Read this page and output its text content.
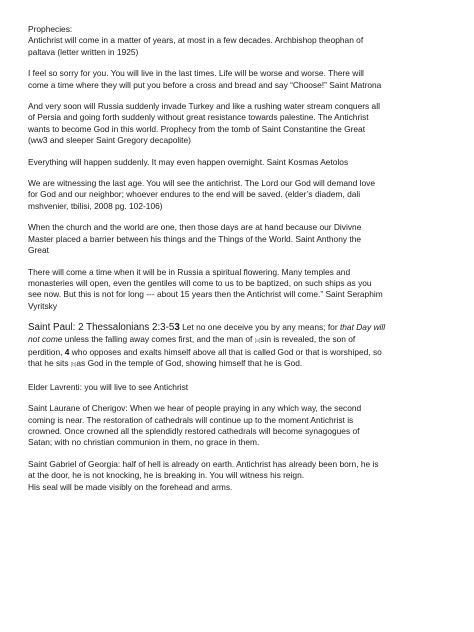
Prophecies:
Antichrist will come in a matter of years, at most in a few decades. Archbishop theophan of
paltava (letter written in 1925)

I feel so sorry for you. You will live in the last times. Life will be worse and worse. There will
come a time where they will put you before a cross and bread and say “Choose!” Saint Matrona

And very soon will Russia suddenly invade Turkey and like a rushing water stream conquers all
of Persia and going forth suddenly without great resistance towards palestine. The Antichrist
wants to become God in this world. Prophecy from the tomb of Saint Constantine the Great
(ww3 and sleeper Saint Gregory decapolite)

Everything will happen suddenly. It may even happen overnight. Saint Kosmas Aetolos

We are witnessing the last age. You will see the antichrist. The Lord our God will demand love
for God and our neighbor; whoever endures to the end will be saved. (elder’s diadem, dali
mshvenier, tbilisi, 2008 pg. 102-106)

When the church and the world are one, then those days are at hand because our Divivne
Master placed a barrier between his things and the Things of the World. Saint Anthony the
Great

There will come a time when it will be in Russia a spiritual flowering. Many temples and
monasteries will open, even the gentiles will come to us to be baptized, on such ships as you
see now. But this is not for long --- about 15 years then the Antichrist will come.” Saint Seraphim
Vyritsky

Saint Paul: 2 Thessalonians 2:3-53 Let no one deceive you by any means; for that Day will
not come unless the falling away comes first, and the man of [a]sin is revealed, the son of
perdition, 4 who opposes and exalts himself above all that is called God or that is worshiped, so
that he sits [b]as God in the temple of God, showing himself that he is God.

Elder Lavrenti: you will live to see Antichrist

Saint Laurane of Cherigov: When we hear of people praying in any which way, the second
coming is near. The restoration of cathedrals will continue up to the moment Antichrist is
crowned. Once crowned all the splendidly restored cathedrals will become synagogues of
Satan; with no christian communion in them, no grace in them.

Saint Gabriel of Georgia: half of hell is already on earth. Antichrist has already been born, he is
at the door, he is not knocking, he is breaking in. You will witness his reign.
His seal will be made visibly on the forehead and arms.
